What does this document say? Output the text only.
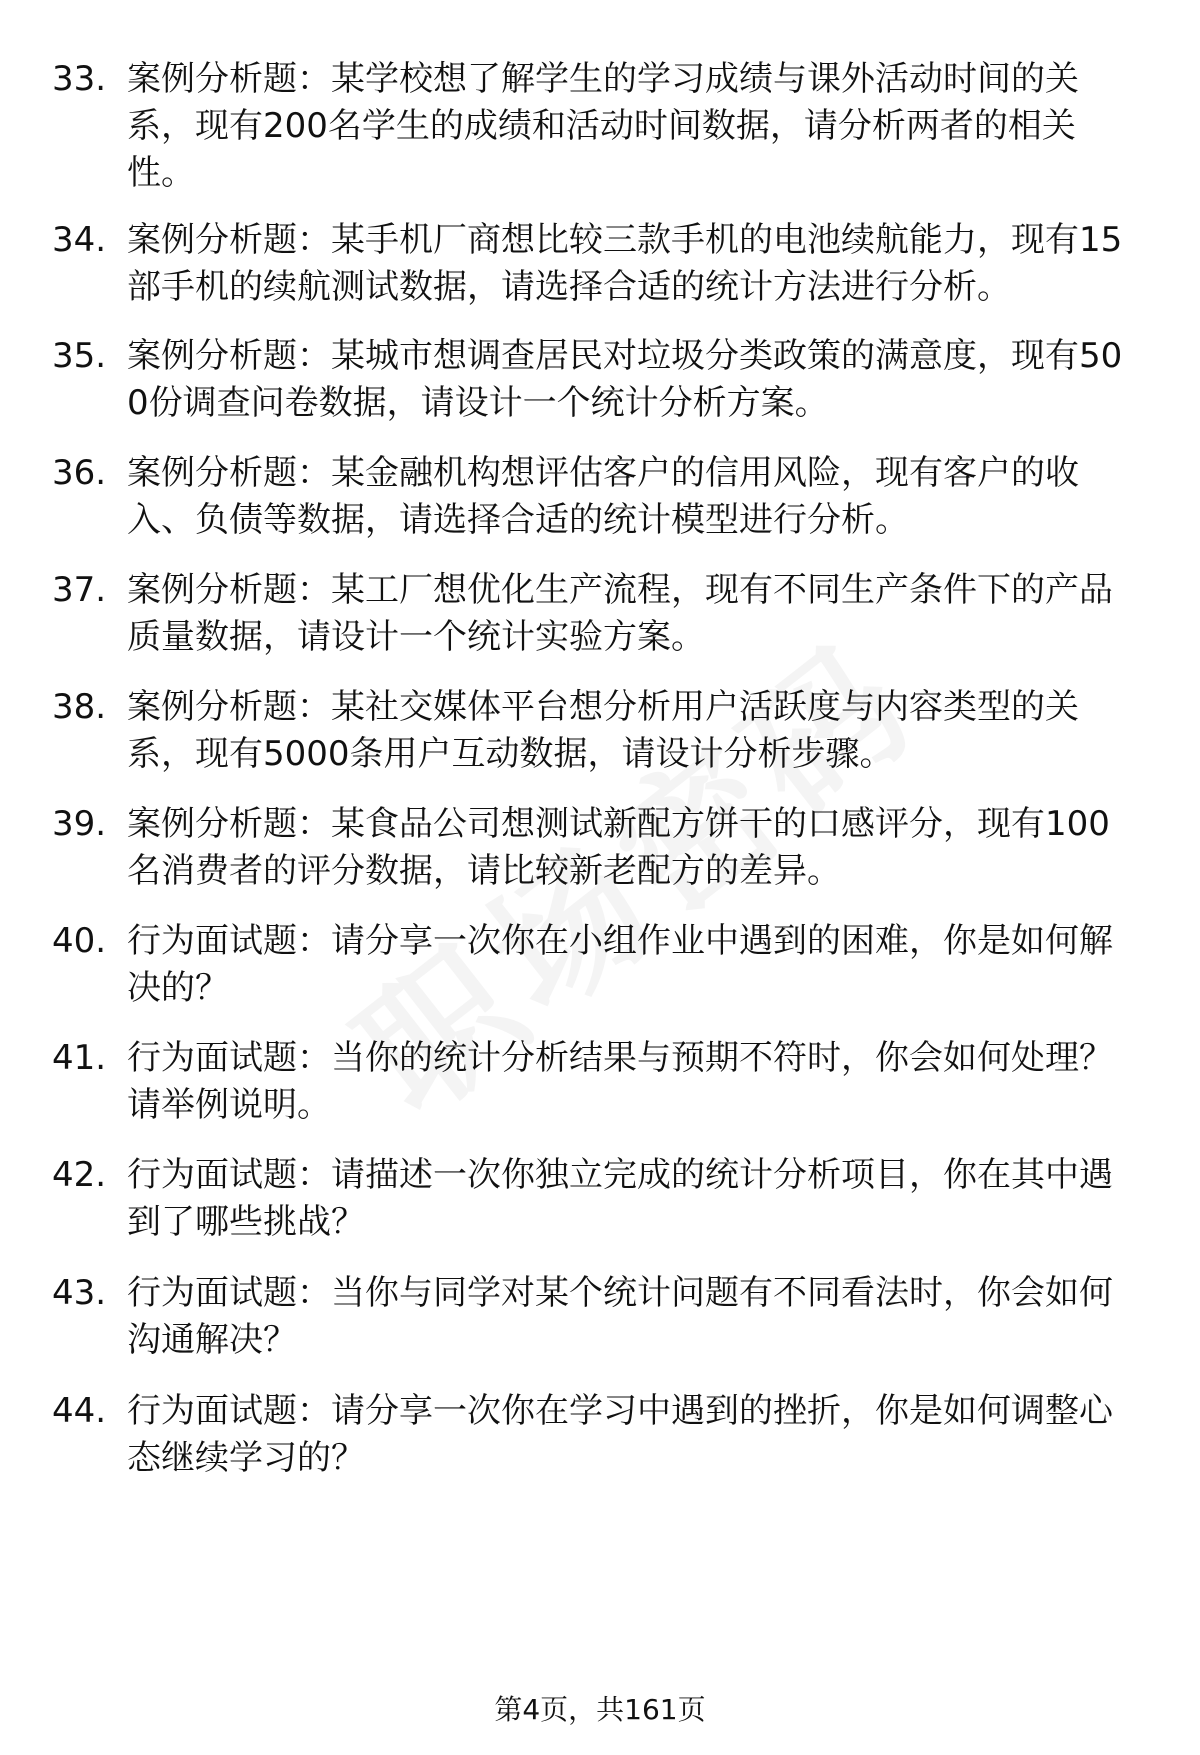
33. 案例分析题：某学校想了解学生的学习成绩与课外活动时间的关系，现有200名学生的成绩和活动时间数据，请分析两者的相关性。
34. 案例分析题：某手机厂商想比较三款手机的电池续航能力，现有15部手机的续航测试数据，请选择合适的统计方法进行分析。
35. 案例分析题：某城市想调查居民对垃圾分类政策的满意度，现有500份调查问卷数据，请设计一个统计分析方案。
36. 案例分析题：某金融机构想评估客户的信用风险，现有客户的收入、负债等数据，请选择合适的统计模型进行分析。
37. 案例分析题：某工厂想优化生产流程，现有不同生产条件下的产品质量数据，请设计一个统计实验方案。
38. 案例分析题：某社交媒体平台想分析用户活跃度与内容类型的关系，现有5000条用户互动数据，请设计分析步骤。
39. 案例分析题：某食品公司想测试新配方饼干的口感评分，现有100名消费者的评分数据，请比较新老配方的差异。
40. 行为面试题：请分享一次你在小组作业中遇到的困难，你是如何解决的？
41. 行为面试题：当你的统计分析结果与预期不符时，你会如何处理？请举例说明。
42. 行为面试题：请描述一次你独立完成的统计分析项目，你在其中遇到了哪些挑战？
43. 行为面试题：当你与同学对某个统计问题有不同看法时，你会如何沟通解决？
44. 行为面试题：请分享一次你在学习中遇到的挫折，你是如何调整心态继续学习的？
第4页，共161页
